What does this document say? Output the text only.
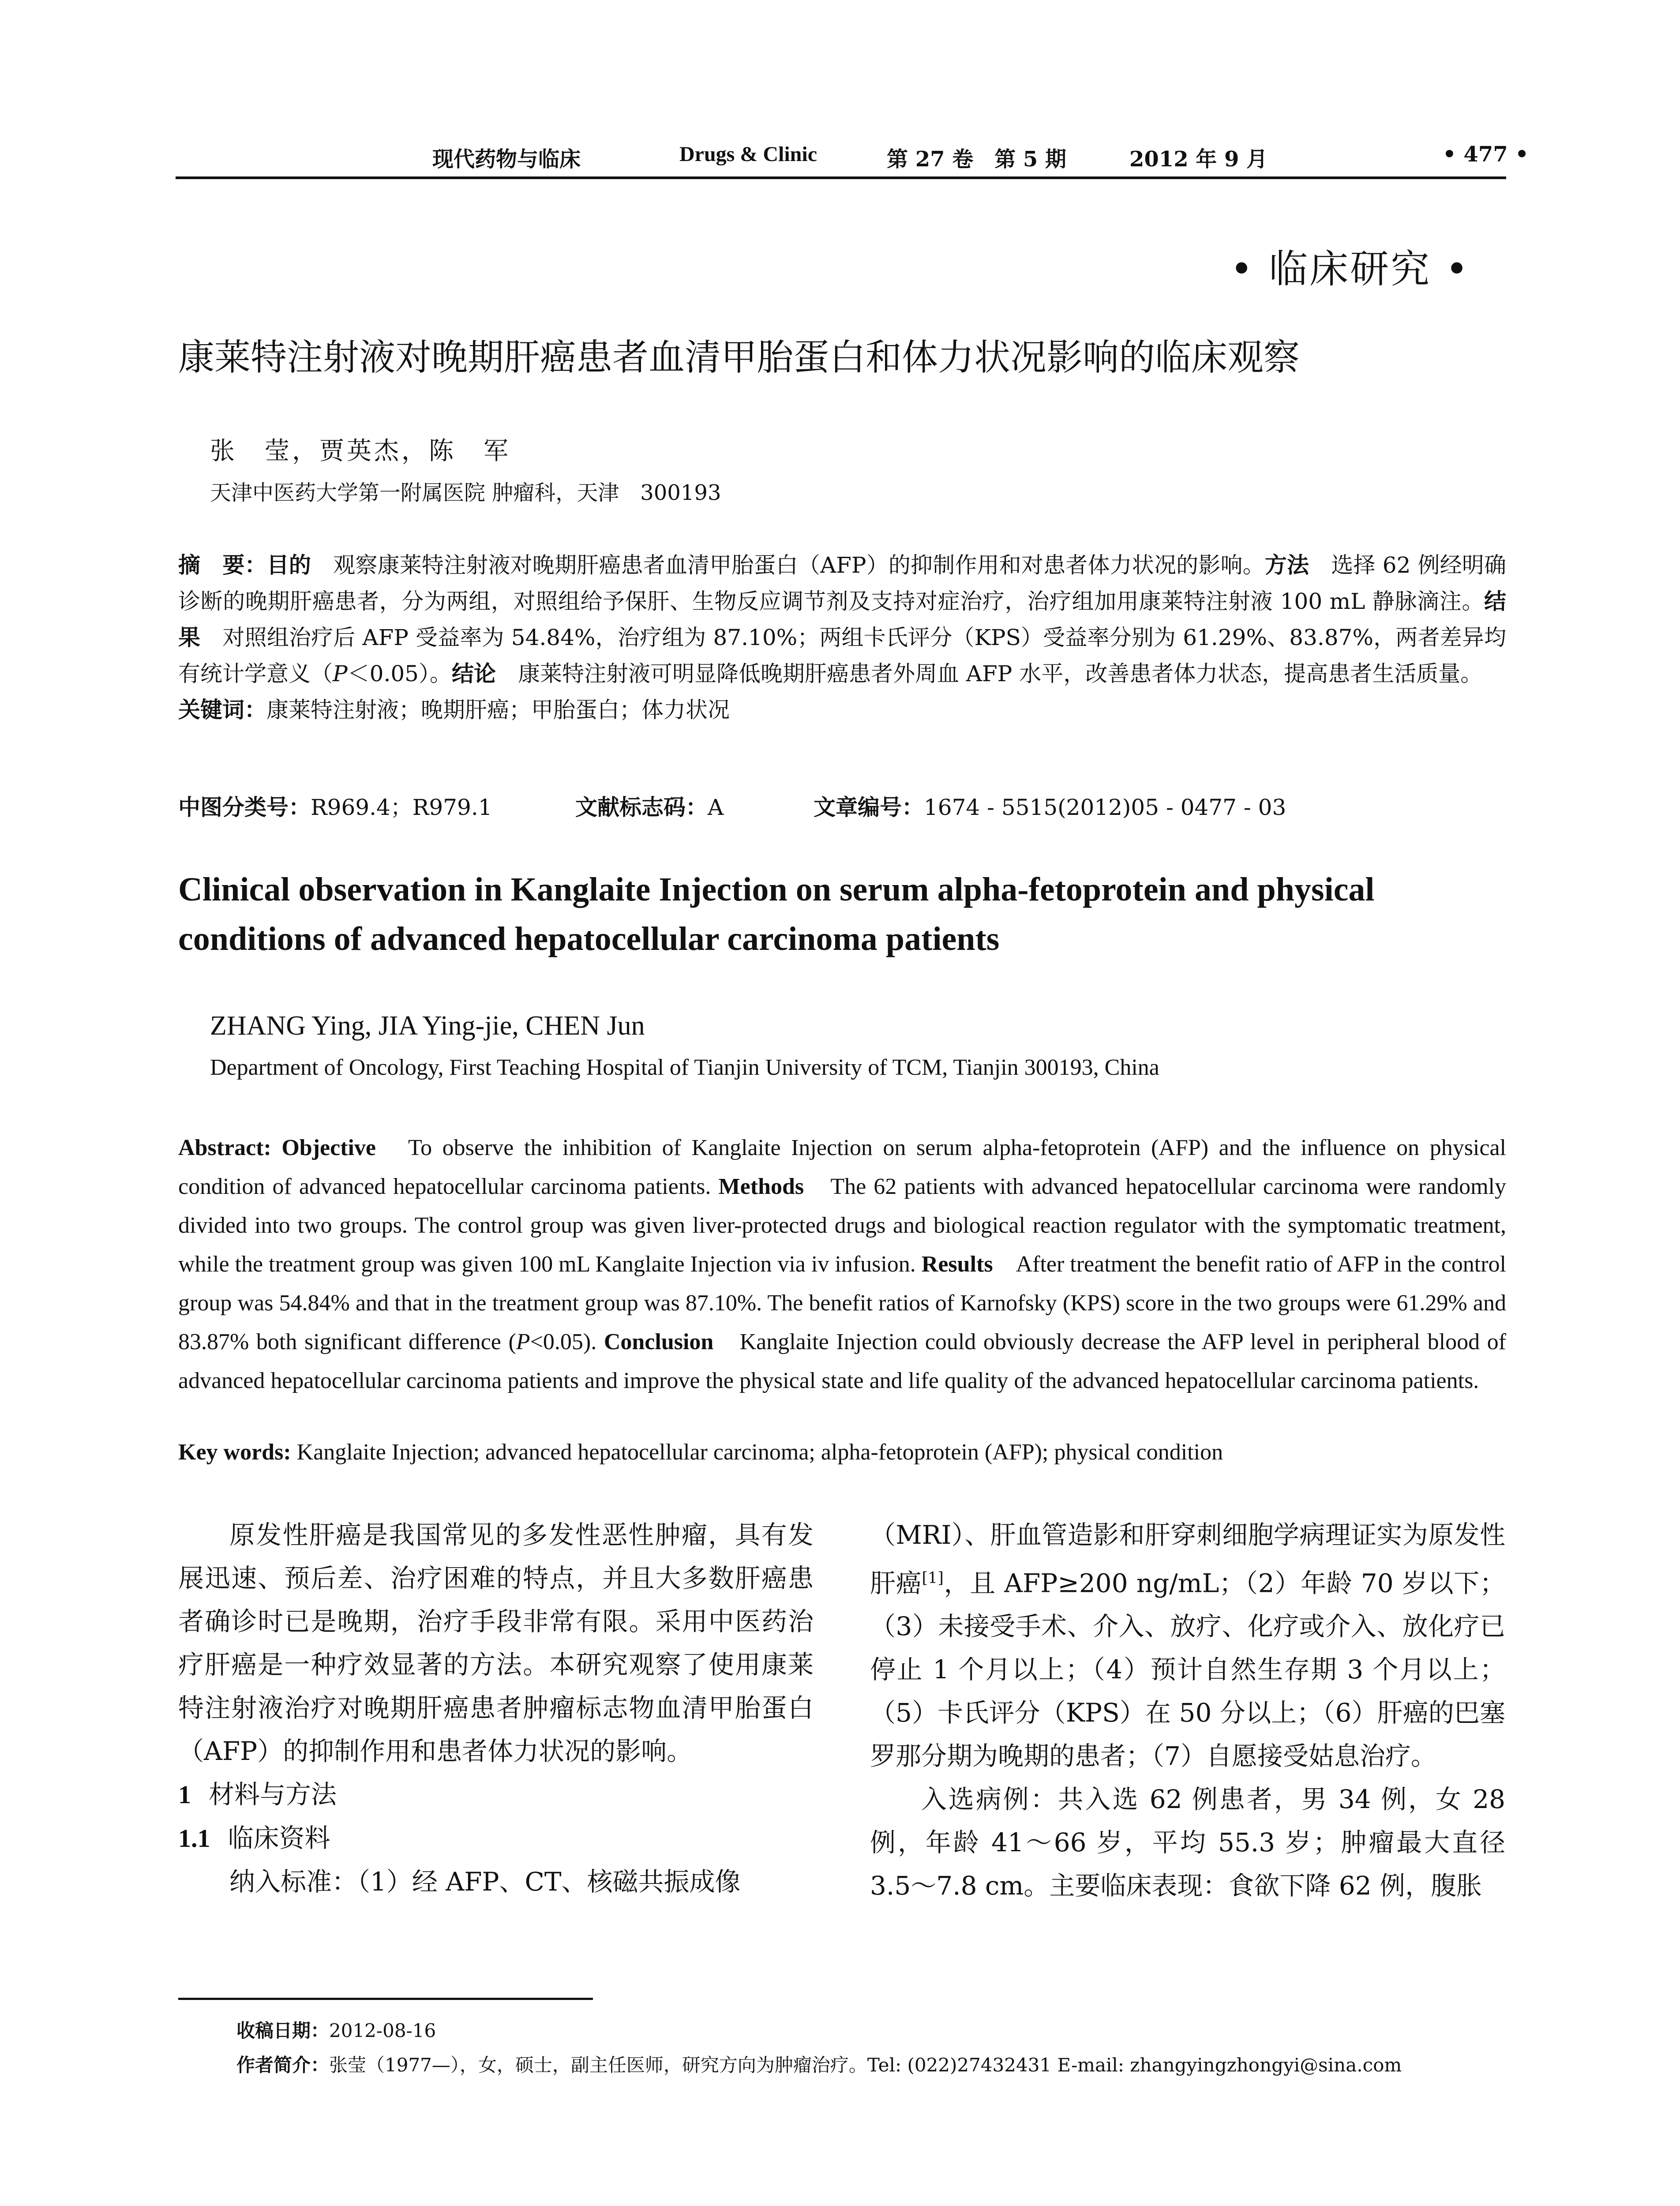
现代药物与临床	Drugs & Clinic	第 27 卷　第 5 期	2012 年 9 月	• 477 •
• 临床研究 •
康莱特注射液对晚期肝癌患者血清甲胎蛋白和体力状况影响的临床观察
张　莹，贾英杰，陈　军
天津中医药大学第一附属医院 肿瘤科，天津　300193
摘　要：目的　观察康莱特注射液对晚期肝癌患者血清甲胎蛋白（AFP）的抑制作用和对患者体力状况的影响。方法　选择 62 例经明确诊断的晚期肝癌患者，分为两组，对照组给予保肝、生物反应调节剂及支持对症治疗，治疗组加用康莱特注射液 100 mL 静脉滴注。结果　对照组治疗后 AFP 受益率为 54.84%，治疗组为 87.10%；两组卡氏评分（KPS）受益率分别为 61.29%、83.87%，两者差异均有统计学意义（P＜0.05）。结论　康莱特注射液可明显降低晚期肝癌患者外周血 AFP 水平，改善患者体力状态，提高患者生活质量。
关键词：康莱特注射液；晚期肝癌；甲胎蛋白；体力状况
中图分类号：R969.4；R979.1	文献标志码：A	文章编号：1674 - 5515(2012)05 - 0477 - 03
Clinical observation in Kanglaite Injection on serum alpha-fetoprotein and physical conditions of advanced hepatocellular carcinoma patients
ZHANG Ying, JIA Ying-jie, CHEN Jun
Department of Oncology, First Teaching Hospital of Tianjin University of TCM, Tianjin 300193, China
Abstract: Objective　To observe the inhibition of Kanglaite Injection on serum alpha-fetoprotein (AFP) and the influence on physical condition of advanced hepatocellular carcinoma patients. Methods　The 62 patients with advanced hepatocellular carcinoma were randomly divided into two groups. The control group was given liver-protected drugs and biological reaction regulator with the symptomatic treatment, while the treatment group was given 100 mL Kanglaite Injection via iv infusion. Results　After treatment the benefit ratio of AFP in the control group was 54.84% and that in the treatment group was 87.10%. The benefit ratios of Karnofsky (KPS) score in the two groups were 61.29% and 83.87% both significant difference (P<0.05). Conclusion　Kanglaite Injection could obviously decrease the AFP level in peripheral blood of advanced hepatocellular carcinoma patients and improve the physical state and life quality of the advanced hepatocellular carcinoma patients.
Key words: Kanglaite Injection; advanced hepatocellular carcinoma; alpha-fetoprotein (AFP); physical condition

原发性肝癌是我国常见的多发性恶性肿瘤，具有发展迅速、预后差、治疗困难的特点，并且大多数肝癌患者确诊时已是晚期，治疗手段非常有限。采用中医药治疗肝癌是一种疗效显著的方法。本研究观察了使用康莱特注射液治疗对晚期肝癌患者肿瘤标志物血清甲胎蛋白（AFP）的抑制作用和患者体力状况的影响。

1 材料与方法

1.1 临床资料

纳入标准：（1）经 AFP、CT、核磁共振成像

（MRI）、肝血管造影和肝穿刺细胞学病理证实为原发性肝癌[1]，且 AFP≥200 ng/mL；（2）年龄 70 岁以下；（3）未接受手术、介入、放疗、化疗或介入、放化疗已停止 1 个月以上；（4）预计自然生存期 3 个月以上；（5）卡氏评分（KPS）在 50 分以上；（6）肝癌的巴塞罗那分期为晚期的患者；（7）自愿接受姑息治疗。

入选病例：共入选 62 例患者，男 34 例，女 28 例，年龄 41～66 岁，平均 55.3 岁；肿瘤最大直径 3.5～7.8 cm。主要临床表现：食欲下降 62 例，腹胀

收稿日期：2012-08-16
作者简介：张莹（1977—），女，硕士，副主任医师，研究方向为肿瘤治疗。Tel: (022)27432431 E-mail: zhangyingzhongyi@sina.com
